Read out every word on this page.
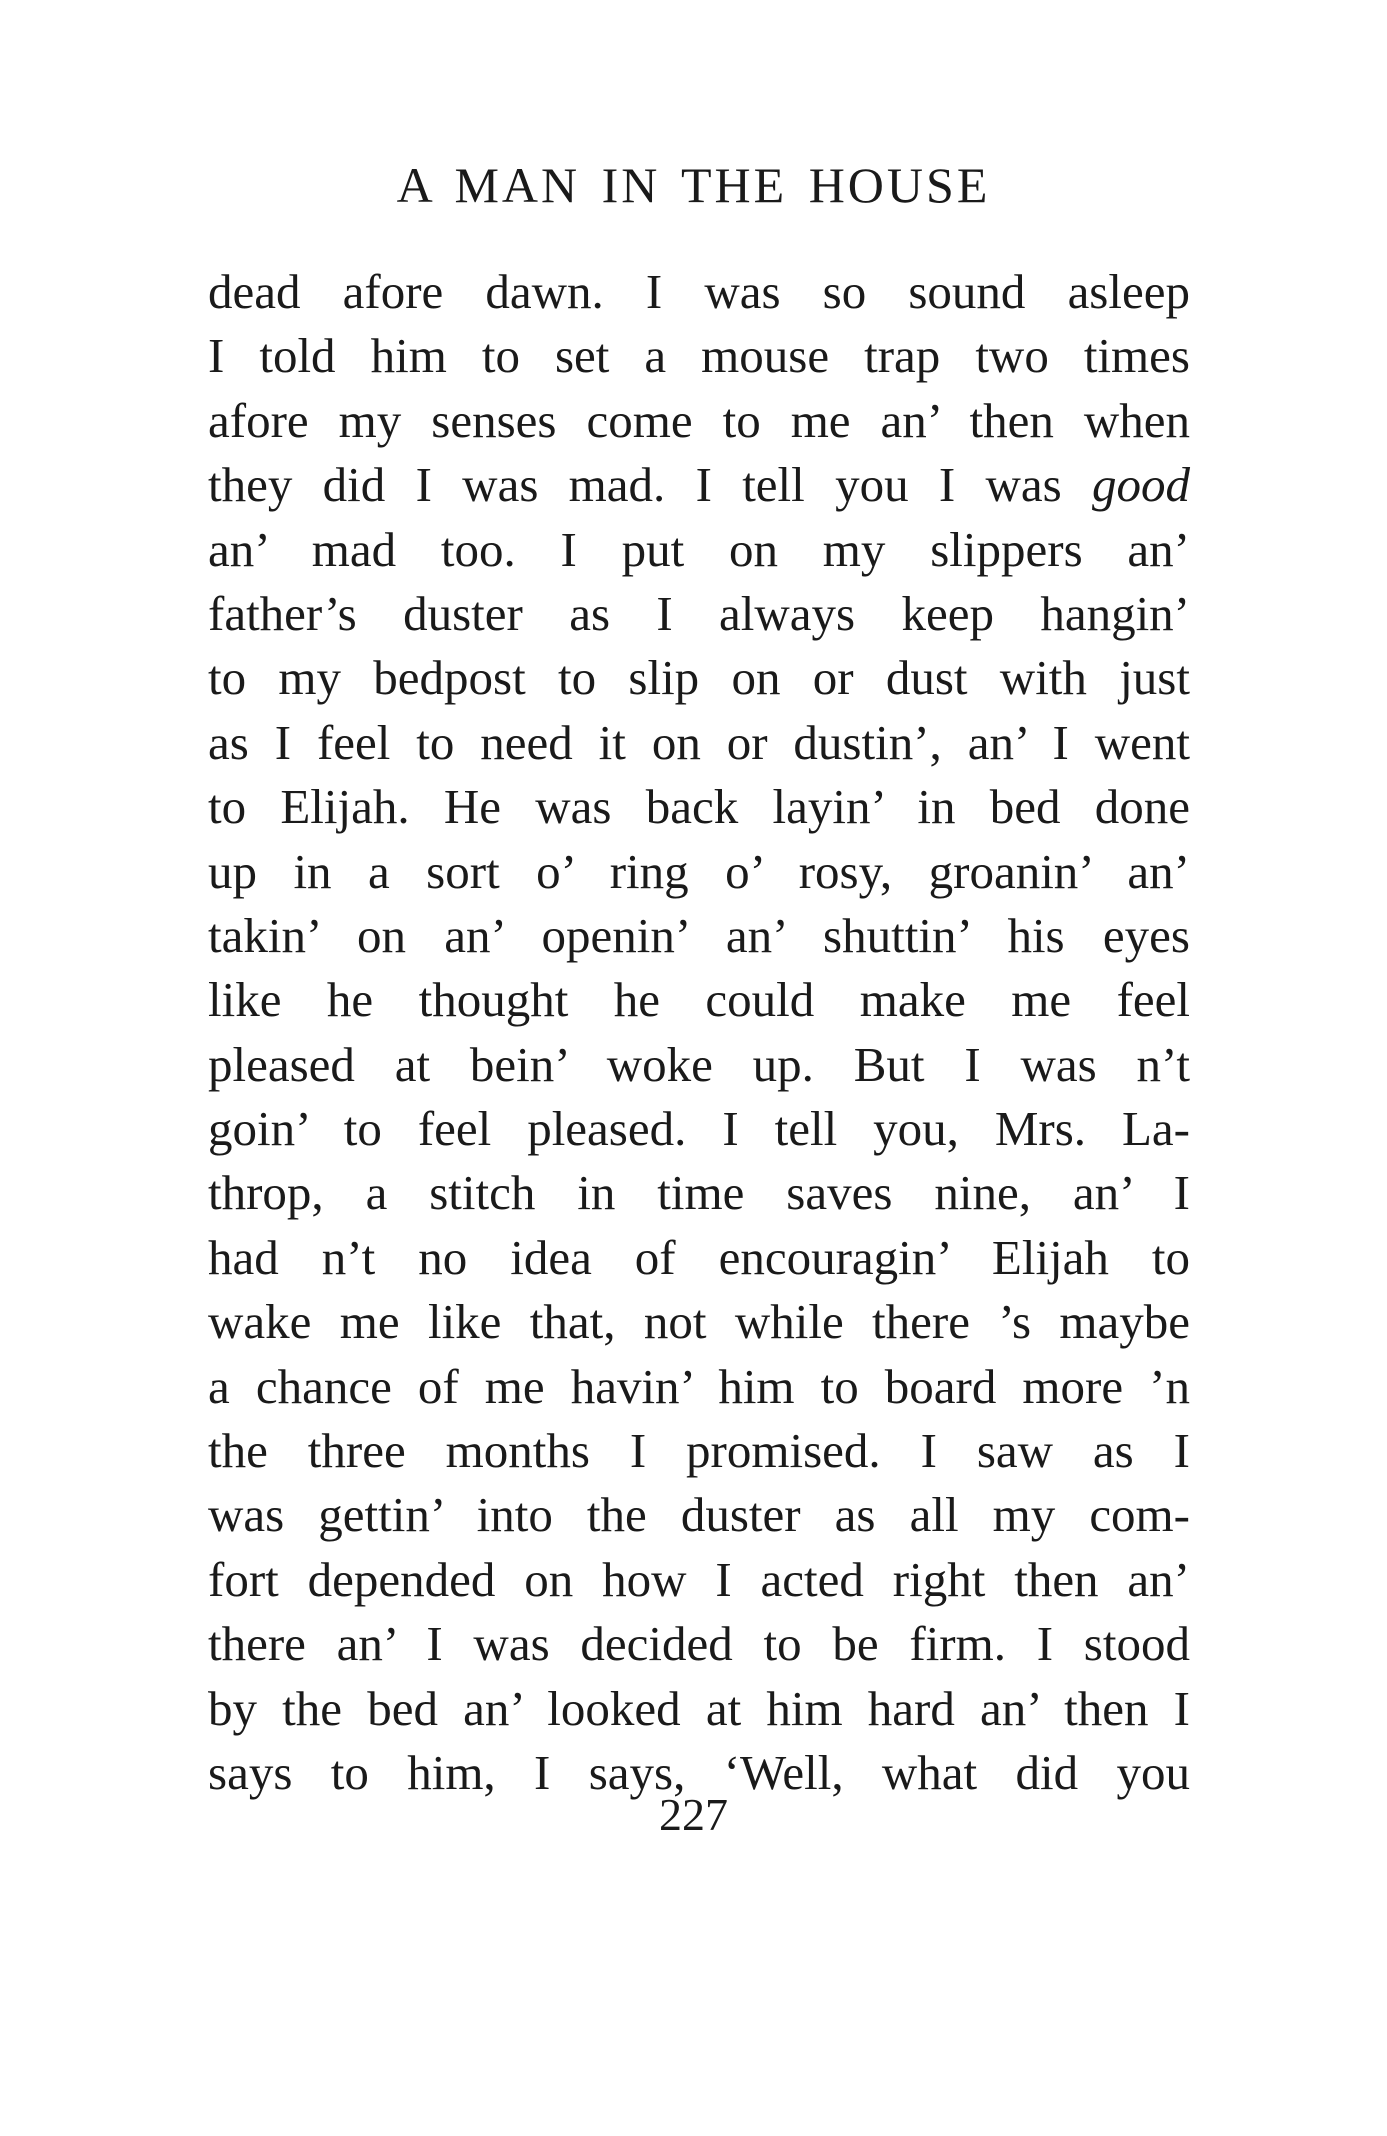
A MAN IN THE HOUSE
dead afore dawn. I was so sound asleep
I told him to set a mouse trap two times
afore my senses come to me an’ then when
they did I was mad. I tell you I was good
an’ mad too. I put on my slippers an’
father’s duster as I always keep hangin’
to my bedpost to slip on or dust with just
as I feel to need it on or dustin’, an’ I went
to Elijah. He was back layin’ in bed done
up in a sort o’ ring o’ rosy, groanin’ an’
takin’ on an’ openin’ an’ shuttin’ his eyes
like he thought he could make me feel
pleased at bein’ woke up. But I was n’t
goin’ to feel pleased. I tell you, Mrs. La-
throp, a stitch in time saves nine, an’ I
had n’t no idea of encouragin’ Elijah to
wake me like that, not while there ’s maybe
a chance of me havin’ him to board more ’n
the three months I promised. I saw as I
was gettin’ into the duster as all my com-
fort depended on how I acted right then an’
there an’ I was decided to be firm. I stood
by the bed an’ looked at him hard an’ then I
says to him, I says, ‘Well, what did you
227
